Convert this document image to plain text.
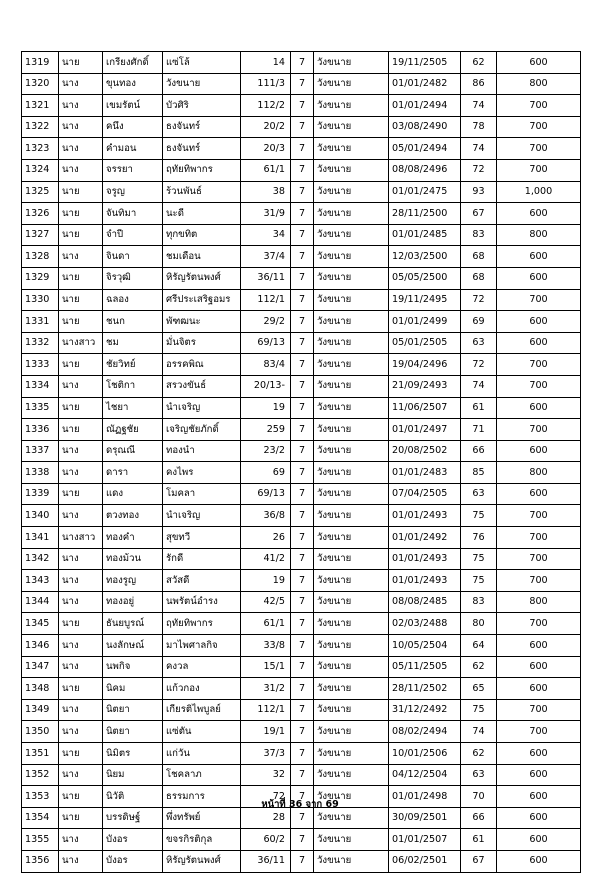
1319	นาย	เกรียงศักดิ์	แซ่โล้	14	7	วังขนาย	19/11/2505	62	600
1320	นาง	ขุนทอง	วังขนาย	111/3	7	วังขนาย	01/01/2482	86	800
1321	นาง	เขมรัตน์	บัวศิริ	112/2	7	วังขนาย	01/01/2494	74	700
1322	นาง	คนึง	ธงจันทร์	20/2	7	วังขนาย	03/08/2490	78	700
1323	นาง	คำมอน	ธงจันทร์	20/3	7	วังขนาย	05/01/2494	74	700
1324	นาง	จรรยา	ฤทัยทิพากร	61/1	7	วังขนาย	08/08/2496	72	700
1325	นาย	จรูญ	ร้วนพันธ์	38	7	วังขนาย	01/01/2475	93	1,000
1326	นาย	จันทิมา	นะดี	31/9	7	วังขนาย	28/11/2500	67	600
1327	นาย	จำปี	ทุกขทิต	34	7	วังขนาย	01/01/2485	83	800
1328	นาง	จินดา	ชมเดือน	37/4	7	วังขนาย	12/03/2500	68	600
1329	นาย	จิรวุฒิ	หิรัญรัตนพงศ์	36/11	7	วังขนาย	05/05/2500	68	600
1330	นาย	ฉลอง	ศรีประเสริฐอมร	112/1	7	วังขนาย	19/11/2495	72	700
1331	นาย	ชนก	พัฑฒนะ	29/2	7	วังขนาย	01/01/2499	69	600
1332	นางสาว	ชม	มั่นจิตร	69/13	7	วังขนาย	05/01/2505	63	600
1333	นาย	ชัยวิทย์	อรรคพิณ	83/4	7	วังขนาย	19/04/2496	72	700
1334	นาง	โชติกา	สรวงขันธ์	20/13-	7	วังขนาย	21/09/2493	74	700
1335	นาย	ไชยา	นำเจริญ	19	7	วังขนาย	11/06/2507	61	600
1336	นาย	ณัฏฐชัย	เจริญชัยภักดิ์	259	7	วังขนาย	01/01/2497	71	700
1337	นาง	ดรุณณี	ทองนำ	23/2	7	วังขนาย	20/08/2502	66	600
1338	นาง	ดารา	คงไพร	69	7	วังขนาย	01/01/2483	85	800
1339	นาย	แดง	โมคลา	69/13	7	วังขนาย	07/04/2505	63	600
1340	นาง	ตวงทอง	นำเจริญ	36/8	7	วังขนาย	01/01/2493	75	700
1341	นางสาว	ทองคำ	สุขทวี	26	7	วังขนาย	01/01/2492	76	700
1342	นาง	ทองม้วน	รักดี	41/2	7	วังขนาย	01/01/2493	75	700
1343	นาง	ทองรูญ	สวัสดี	19	7	วังขนาย	01/01/2493	75	700
1344	นาง	ทองอยู่	นพรัตน์อำรง	42/5	7	วังขนาย	08/08/2485	83	800
1345	นาย	ธันยบูรณ์	ฤทัยทิพากร	61/1	7	วังขนาย	02/03/2488	80	700
1346	นาง	นงลักษณ์	มาไพศาลกิจ	33/8	7	วังขนาย	10/05/2504	64	600
1347	นาง	นพกิจ	คงวล	15/1	7	วังขนาย	05/11/2505	62	600
1348	นาย	นิคม	แก้วกอง	31/2	7	วังขนาย	28/11/2502	65	600
1349	นาง	นิตยา	เกียรติไพบูลย์	112/1	7	วังขนาย	31/12/2492	75	700
1350	นาง	นิตยา	แซ่ตัน	19/1	7	วังขนาย	08/02/2494	74	700
1351	นาย	นิมิตร	แก่วัน	37/3	7	วังขนาย	10/01/2506	62	600
1352	นาง	นิยม	โชคลาภ	32	7	วังขนาย	04/12/2504	63	600
1353	นาย	นิวัติ	ธรรมการ	72	7	วังขนาย	01/01/2498	70	600
1354	นาย	บรรดิษฐ์	พึ่งทรัพย์	28	7	วังขนาย	30/09/2501	66	600
1355	นาง	บังอร	ขจรกิรติกุล	60/2	7	วังขนาย	01/01/2507	61	600
1356	นาง	บังอร	หิรัญรัตนพงศ์	36/11	7	วังขนาย	06/02/2501	67	600
หน้าที่ 36 จาก 69
